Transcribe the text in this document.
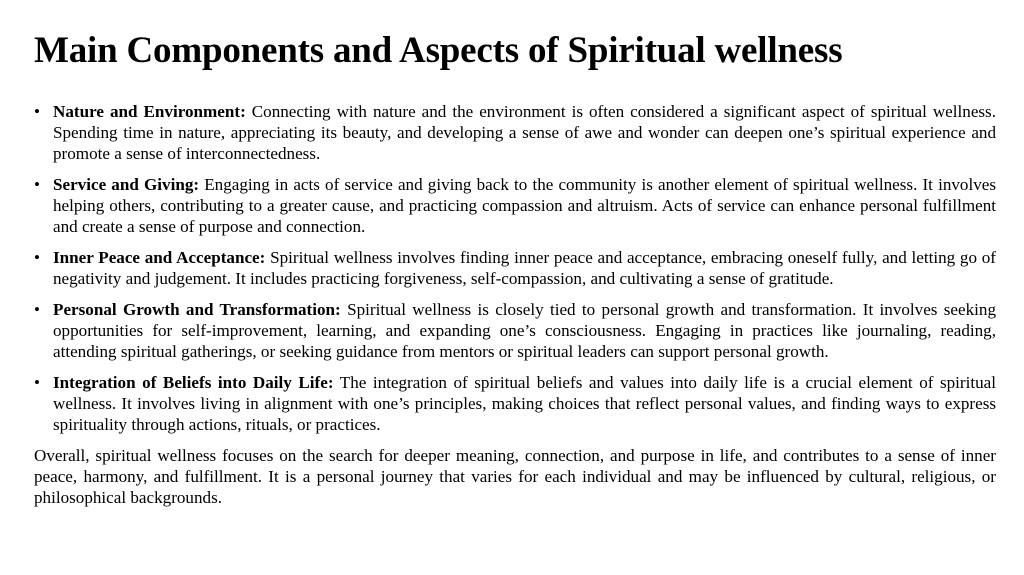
Main Components and Aspects of Spiritual wellness
• Nature and Environment: Connecting with nature and the environment is often considered a significant aspect of spiritual wellness. Spending time in nature, appreciating its beauty, and developing a sense of awe and wonder can deepen one’s spiritual experience and promote a sense of interconnectedness.
• Service and Giving: Engaging in acts of service and giving back to the community is another element of spiritual wellness. It involves helping others, contributing to a greater cause, and practicing compassion and altruism. Acts of service can enhance personal fulfillment and create a sense of purpose and connection.
• Inner Peace and Acceptance: Spiritual wellness involves finding inner peace and acceptance, embracing oneself fully, and letting go of negativity and judgement. It includes practicing forgiveness, self-compassion, and cultivating a sense of gratitude.
• Personal Growth and Transformation: Spiritual wellness is closely tied to personal growth and transformation. It involves seeking opportunities for self-improvement, learning, and expanding one’s consciousness. Engaging in practices like journaling, reading, attending spiritual gatherings, or seeking guidance from mentors or spiritual leaders can support personal growth.
• Integration of Beliefs into Daily Life: The integration of spiritual beliefs and values into daily life is a crucial element of spiritual wellness. It involves living in alignment with one’s principles, making choices that reflect personal values, and finding ways to express spirituality through actions, rituals, or practices.

Overall, spiritual wellness focuses on the search for deeper meaning, connection, and purpose in life, and contributes to a sense of inner peace, harmony, and fulfillment. It is a personal journey that varies for each individual and may be influenced by cultural, religious, or philosophical backgrounds.
